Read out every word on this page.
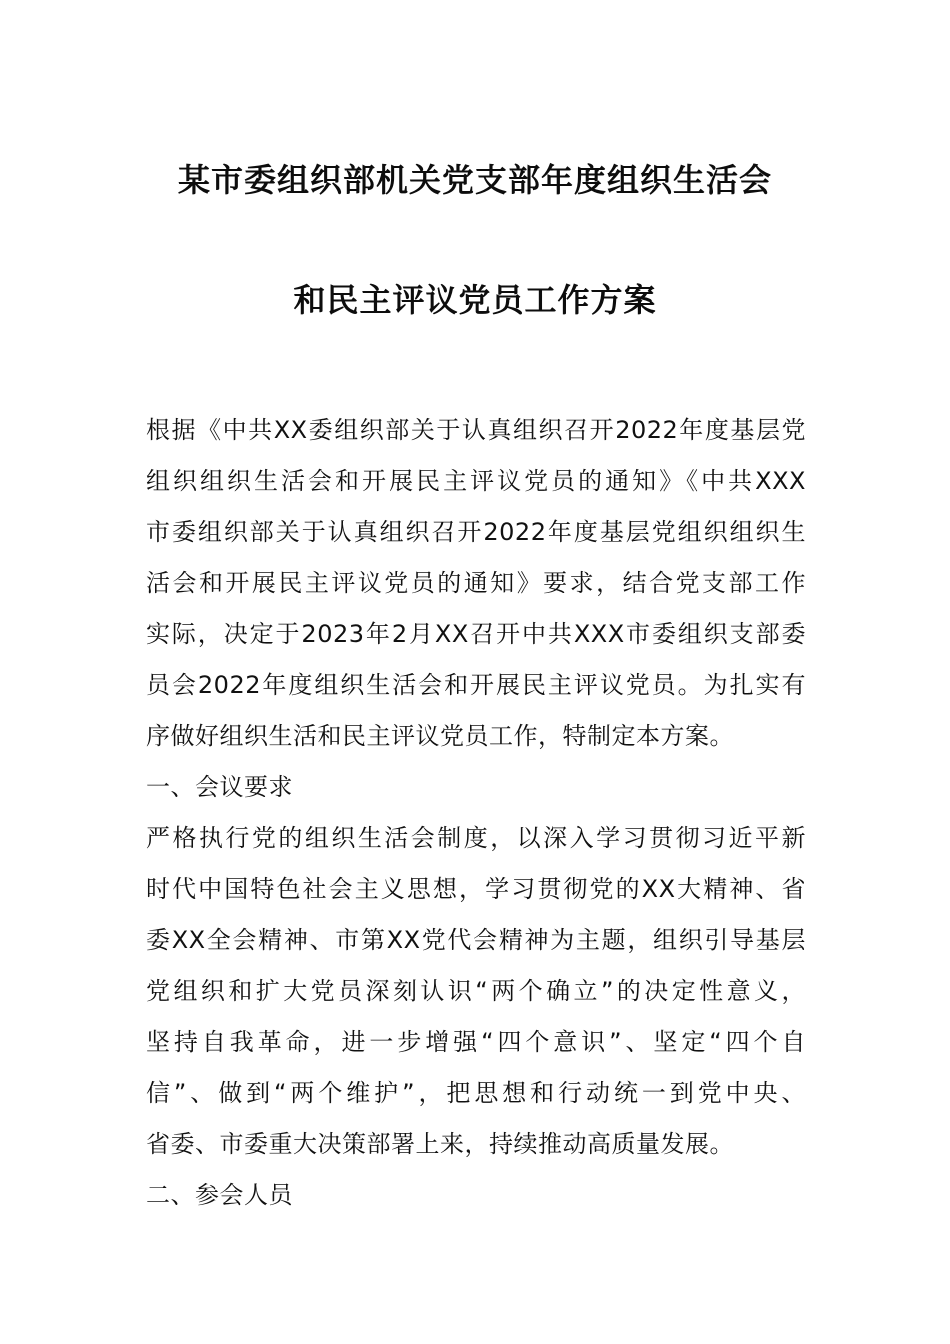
某市委组织部机关党支部年度组织生活会
和民主评议党员工作方案
根据《中共XX委组织部关于认真组织召开2022年度基层党
组织组织生活会和开展民主评议党员的通知》《中共XXX
市委组织部关于认真组织召开2022年度基层党组织组织生
活会和开展民主评议党员的通知》要求，结合党支部工作
实际，决定于2023年2月XX召开中共XXX市委组织支部委
员会2022年度组织生活会和开展民主评议党员。为扎实有
序做好组织生活和民主评议党员工作，特制定本方案。
一、会议要求
严格执行党的组织生活会制度，以深入学习贯彻习近平新
时代中国特色社会主义思想，学习贯彻党的XX大精神、省
委XX全会精神、市第XX党代会精神为主题，组织引导基层
党组织和扩大党员深刻认识“两个确立”的决定性意义，
坚持自我革命，进一步增强“四个意识”、坚定“四个自
信”、做到“两个维护”，把思想和行动统一到党中央、
省委、市委重大决策部署上来，持续推动高质量发展。
二、参会人员
